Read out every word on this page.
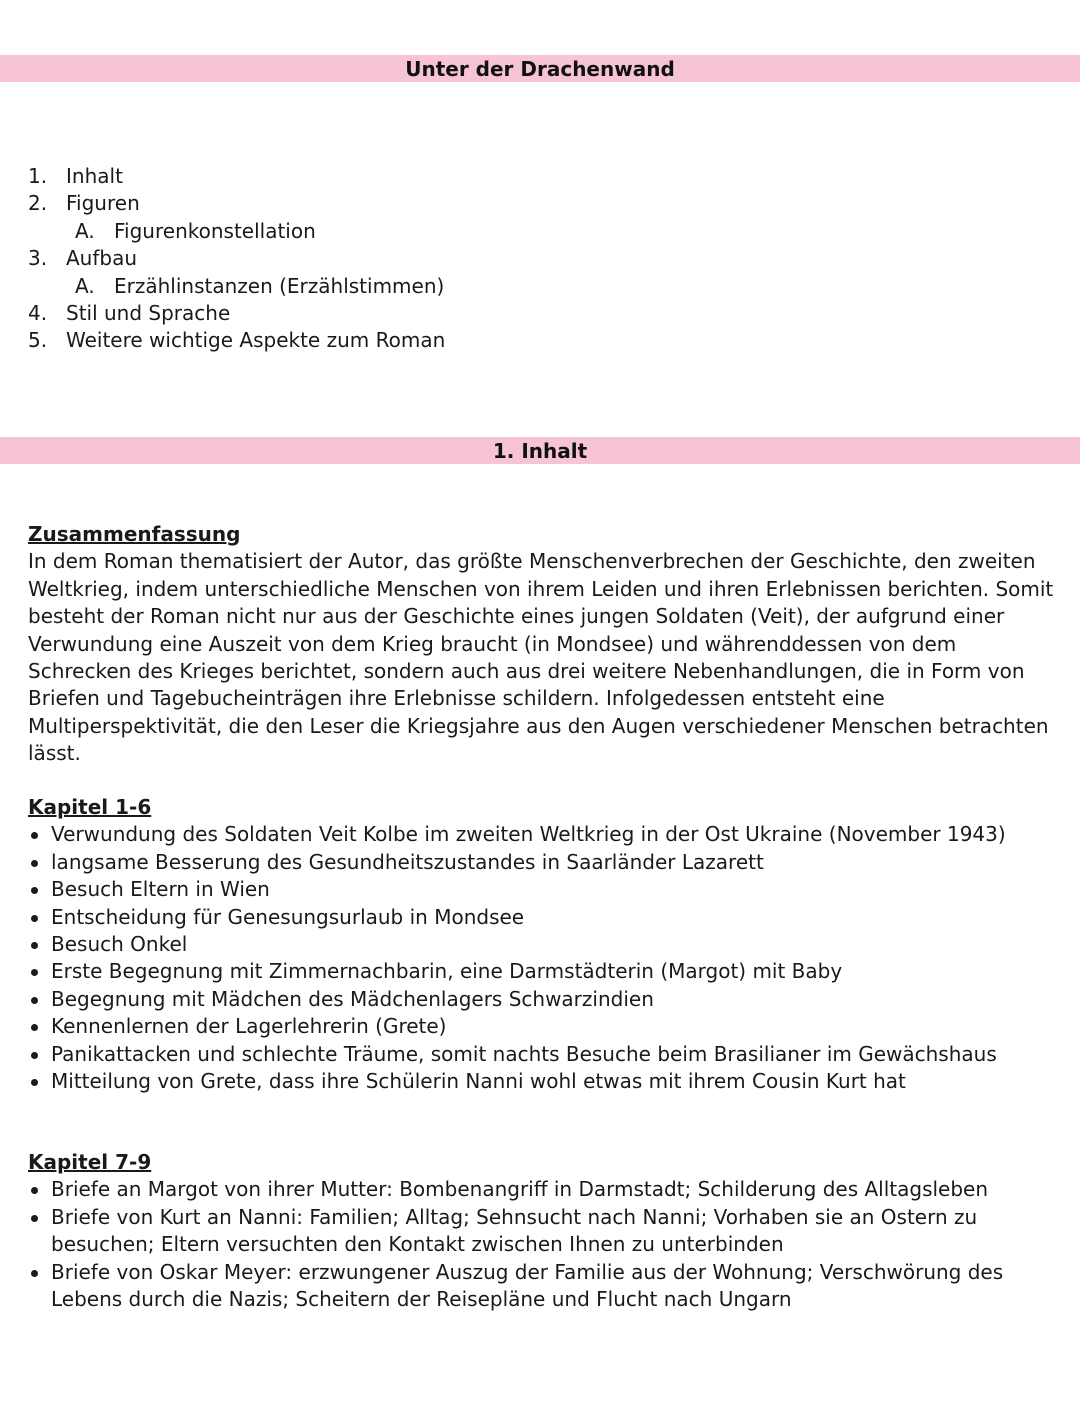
Unter der Drachenwand
1. Inhalt
2. Figuren
A. Figurenkonstellation
3. Aufbau
A. Erzählinstanzen (Erzählstimmen)
4. Stil und Sprache
5. Weitere wichtige Aspekte zum Roman
1. Inhalt
Zusammenfassung

In dem Roman thematisiert der Autor, das größte Menschenverbrechen der Geschichte, den zweiten Weltkrieg, indem unterschiedliche Menschen von ihrem Leiden und ihren Erlebnissen berichten. Somit besteht der Roman nicht nur aus der Geschichte eines jungen Soldaten (Veit), der aufgrund einer Verwundung eine Auszeit von dem Krieg braucht (in Mondsee) und währenddessen von dem Schrecken des Krieges berichtet, sondern auch aus drei weitere Nebenhandlungen, die in Form von Briefen und Tagebucheinträgen ihre Erlebnisse schildern. Infolgedessen entsteht eine Multiperspektivität, die den Leser die Kriegsjahre aus den Augen verschiedener Menschen betrachten lässt.

Kapitel 1-6
Verwundung des Soldaten Veit Kolbe im zweiten Weltkrieg in der Ost Ukraine (November 1943)
langsame Besserung des Gesundheitszustandes in Saarländer Lazarett
Besuch Eltern in Wien
Entscheidung für Genesungsurlaub in Mondsee
Besuch Onkel
Erste Begegnung mit Zimmernachbarin, eine Darmstädterin (Margot) mit Baby
Begegnung mit Mädchen des Mädchenlagers Schwarzindien
Kennenlernen der Lagerlehrerin (Grete)
Panikattacken und schlechte Träume, somit nachts Besuche beim Brasilianer im Gewächshaus
Mitteilung von Grete, dass ihre Schülerin Nanni wohl etwas mit ihrem Cousin Kurt hat
Kapitel 7-9
Briefe an Margot von ihrer Mutter: Bombenangriff in Darmstadt; Schilderung des Alltagsleben
Briefe von Kurt an Nanni: Familien; Alltag; Sehnsucht nach Nanni; Vorhaben sie an Ostern zu besuchen; Eltern versuchten den Kontakt zwischen Ihnen zu unterbinden
Briefe von Oskar Meyer: erzwungener Auszug der Familie aus der Wohnung; Verschwörung des Lebens durch die Nazis; Scheitern der Reisepläne und Flucht nach Ungarn
